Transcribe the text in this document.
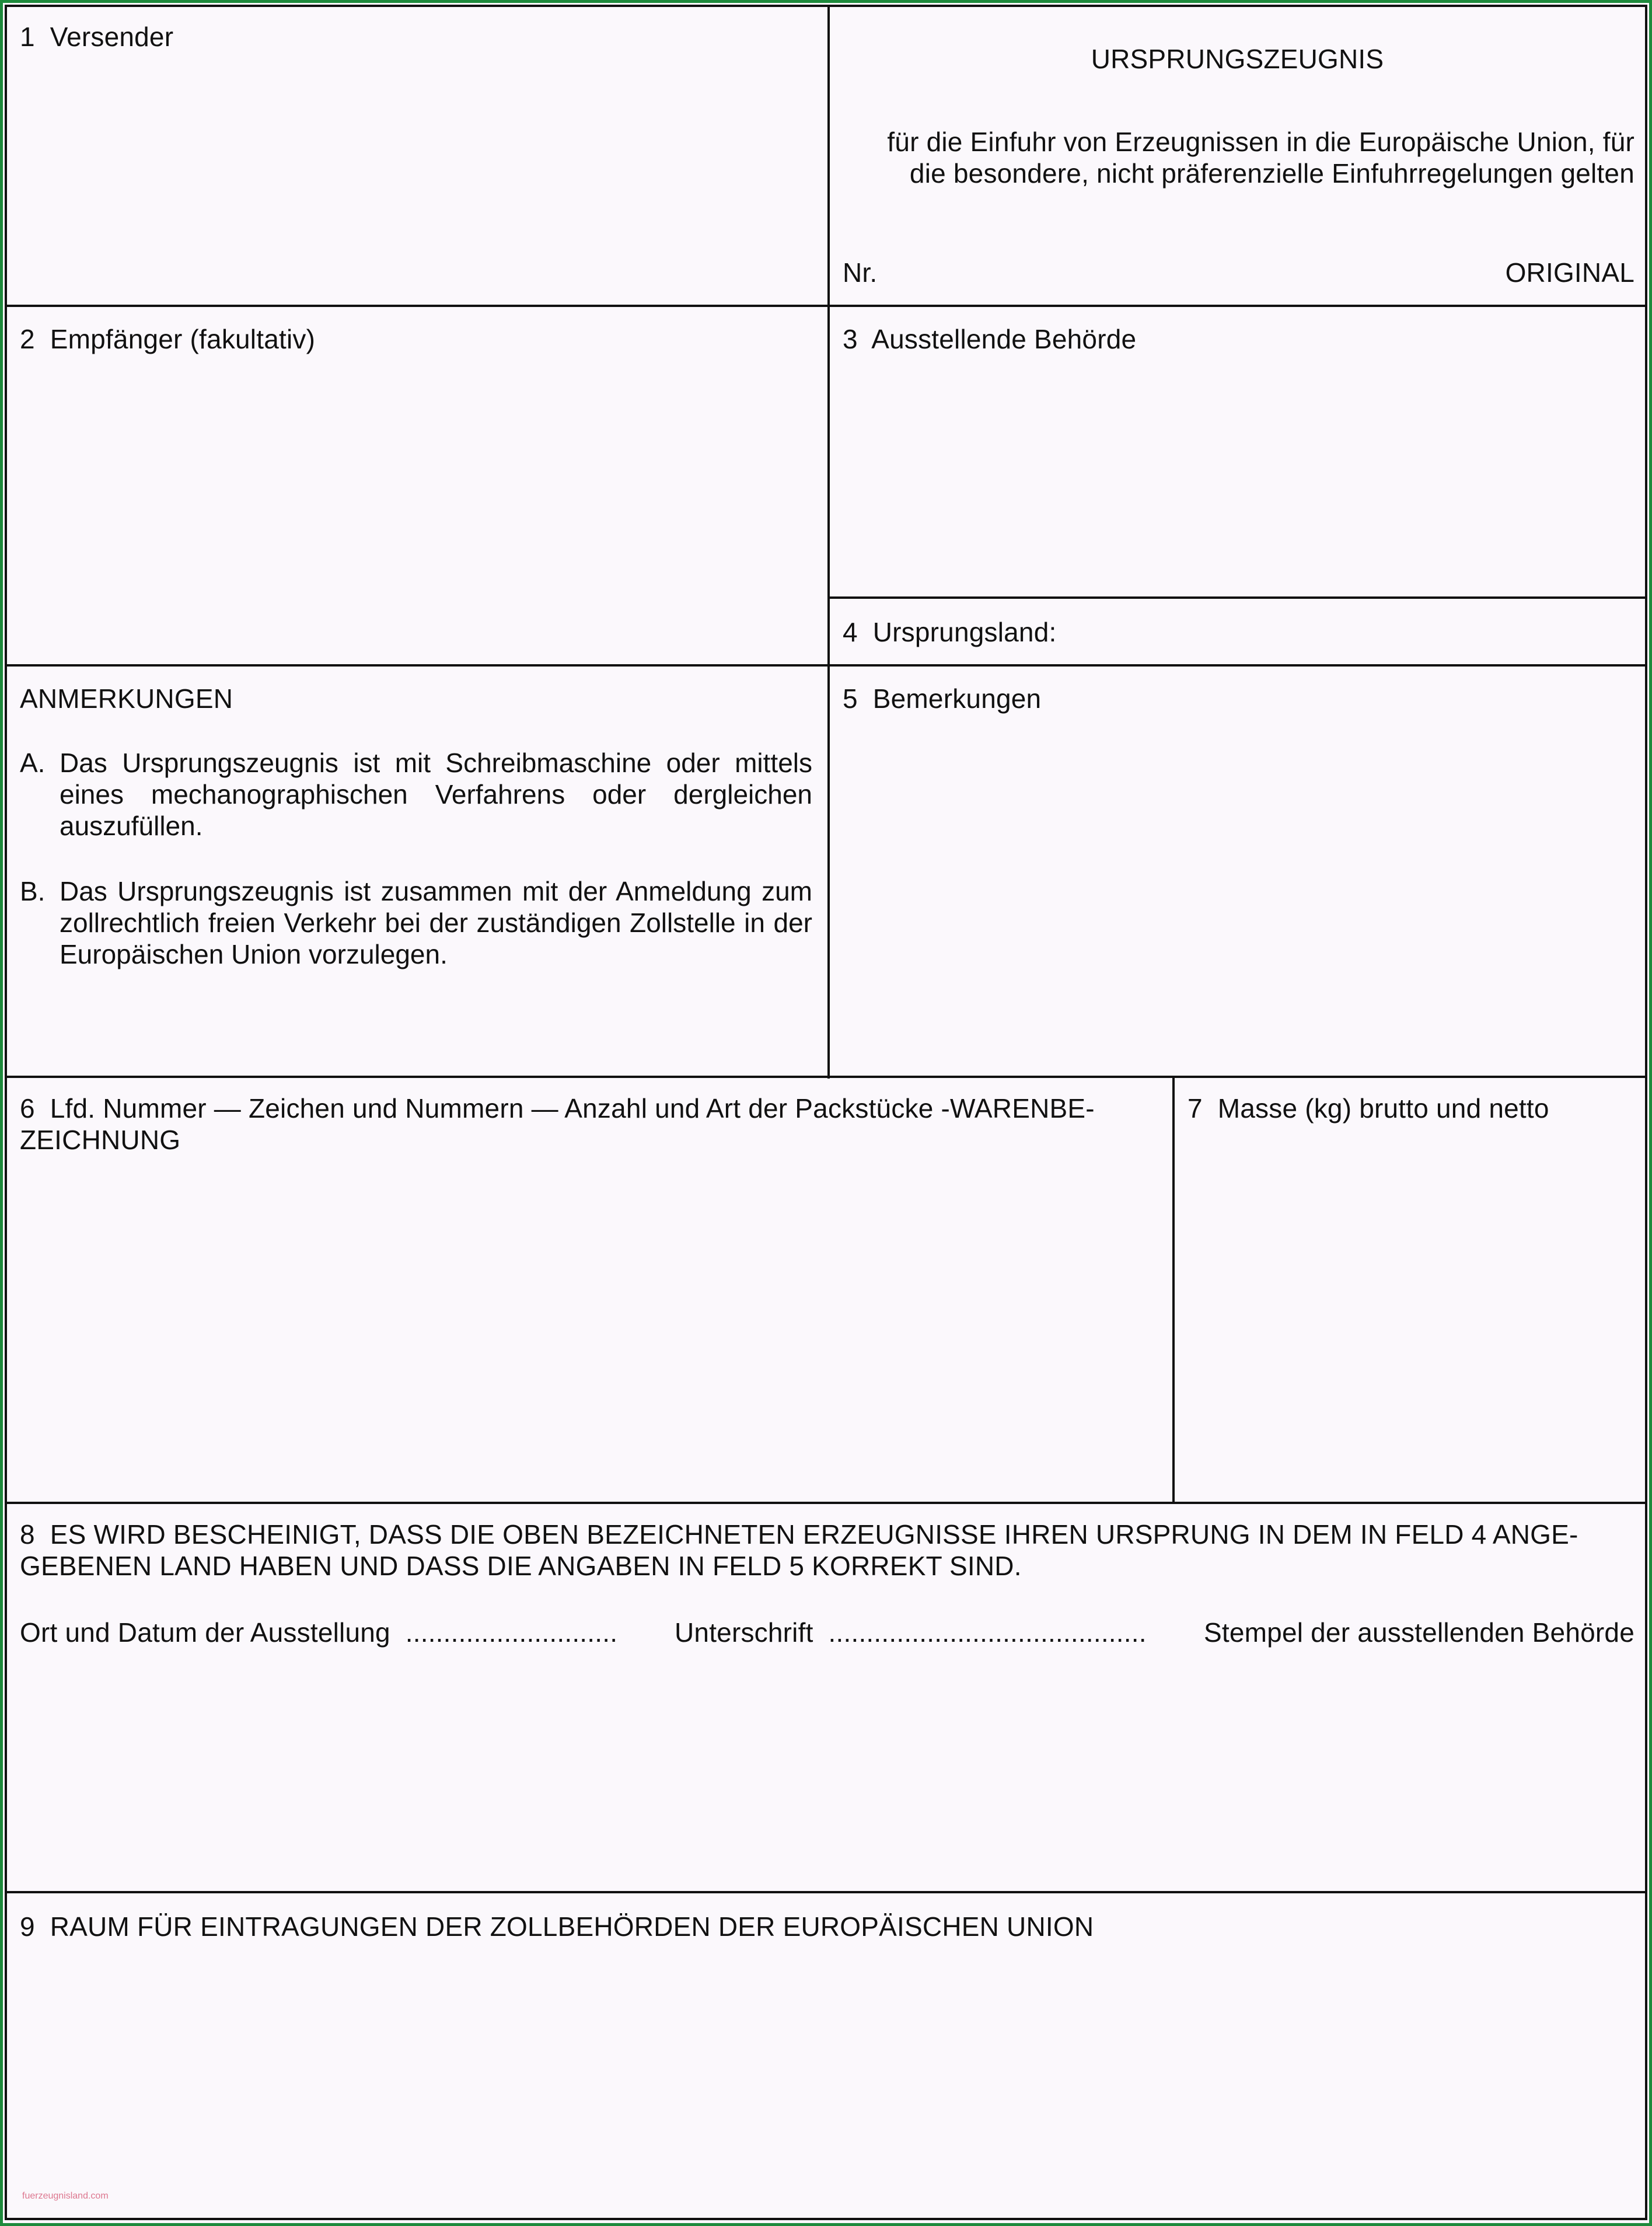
1  Versender
URSPRUNGSZEUGNIS
für die Einfuhr von Erzeugnissen in die Europäische Union, für
die besondere, nicht präferenzielle Einfuhrregelungen gelten
Nr.	ORIGINAL
2  Empfänger (fakultativ)	3  Ausstellende Behörde
4  Ursprungsland:
ANMERKUNGEN
A. Das Ursprungszeugnis ist mit Schreibmaschine oder mittels eines mechanographischen Verfahrens oder dergleichen auszufüllen.
B. Das Ursprungszeugnis ist zusammen mit der Anmeldung zum zollrechtlich freien Verkehr bei der zuständigen Zollstelle in der Europäischen Union vorzulegen.
5  Bemerkungen
6  Lfd. Nummer — Zeichen und Nummern — Anzahl und Art der Packstücke -WARENBE-
ZEICHNUNG
7  Masse (kg) brutto und netto
8  ES WIRD BESCHEINIGT, DASS DIE OBEN BEZEICHNETEN ERZEUGNISSE IHREN URSPRUNG IN DEM IN FELD 4 ANGE-
GEBENEN LAND HABEN UND DASS DIE ANGABEN IN FELD 5 KORREKT SIND.
Ort und Datum der Ausstellung  ............................ Unterschrift  .......................................... Stempel der ausstellenden Behörde
9  RAUM FÜR EINTRAGUNGEN DER ZOLLBEHÖRDEN DER EUROPÄISCHEN UNION
fuerzeugnisland.com
